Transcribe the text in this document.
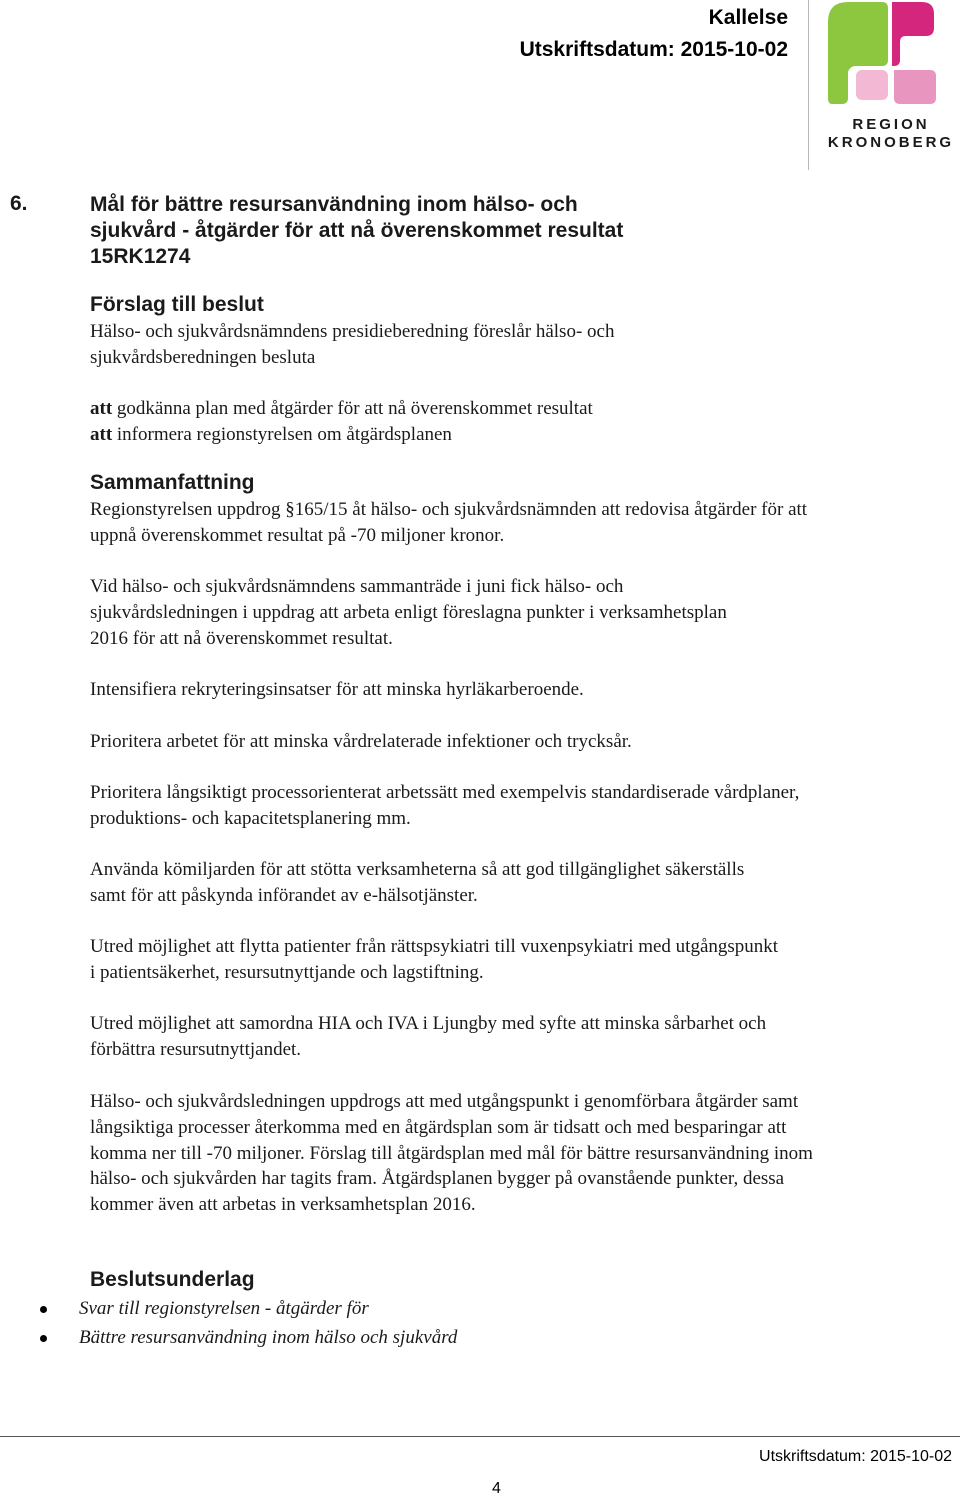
Kallelse
Utskriftsdatum: 2015-10-02
REGION
KRONOBERG
6.	Mål för bättre resursanvändning inom hälso- och sjukvård - åtgärder för att nå överenskommet resultat 15RK1274
Förslag till beslut
Hälso- och sjukvårdsnämndens presidieberedning föreslår hälso- och sjukvårdsberedningen besluta
att godkänna plan med åtgärder för att nå överenskommet resultat
att informera regionstyrelsen om åtgärdsplanen
Sammanfattning
Regionstyrelsen uppdrog §165/15 åt hälso- och sjukvårdsnämnden att redovisa åtgärder för att uppnå överenskommet resultat på -70 miljoner kronor.
Vid hälso- och sjukvårdsnämndens sammanträde i juni fick hälso- och sjukvårdsledningen i uppdrag att arbeta enligt föreslagna punkter i verksamhetsplan 2016 för att nå överenskommet resultat.
Intensifiera rekryteringsinsatser för att minska hyrläkarberoende.
Prioritera arbetet för att minska vårdrelaterade infektioner och trycksår.
Prioritera långsiktigt processorienterat arbetssätt med exempelvis standardiserade vårdplaner, produktions- och kapacitetsplanering mm.
Använda kömiljarden för att stötta verksamheterna så att god tillgänglighet säkerställs samt för att påskynda införandet av e-hälsotjänster.
Utred möjlighet att flytta patienter från rättspsykiatri till vuxenpsykiatri med utgångspunkt i patientsäkerhet, resursutnyttjande och lagstiftning.
Utred möjlighet att samordna HIA och IVA i Ljungby med syfte att minska sårbarhet och förbättra resursutnyttjandet.
Hälso- och sjukvårdsledningen uppdrogs att med utgångspunkt i genomförbara åtgärder samt långsiktiga processer återkomma med en åtgärdsplan som är tidsatt och med besparingar att komma ner till -70 miljoner. Förslag till åtgärdsplan med mål för bättre resursanvändning inom hälso- och sjukvården har tagits fram. Åtgärdsplanen bygger på ovanstående punkter, dessa kommer även att arbetas in verksamhetsplan 2016.
Beslutsunderlag
Svar till regionstyrelsen - åtgärder för
Bättre resursanvändning inom hälso och sjukvård
Utskriftsdatum: 2015-10-02
4
